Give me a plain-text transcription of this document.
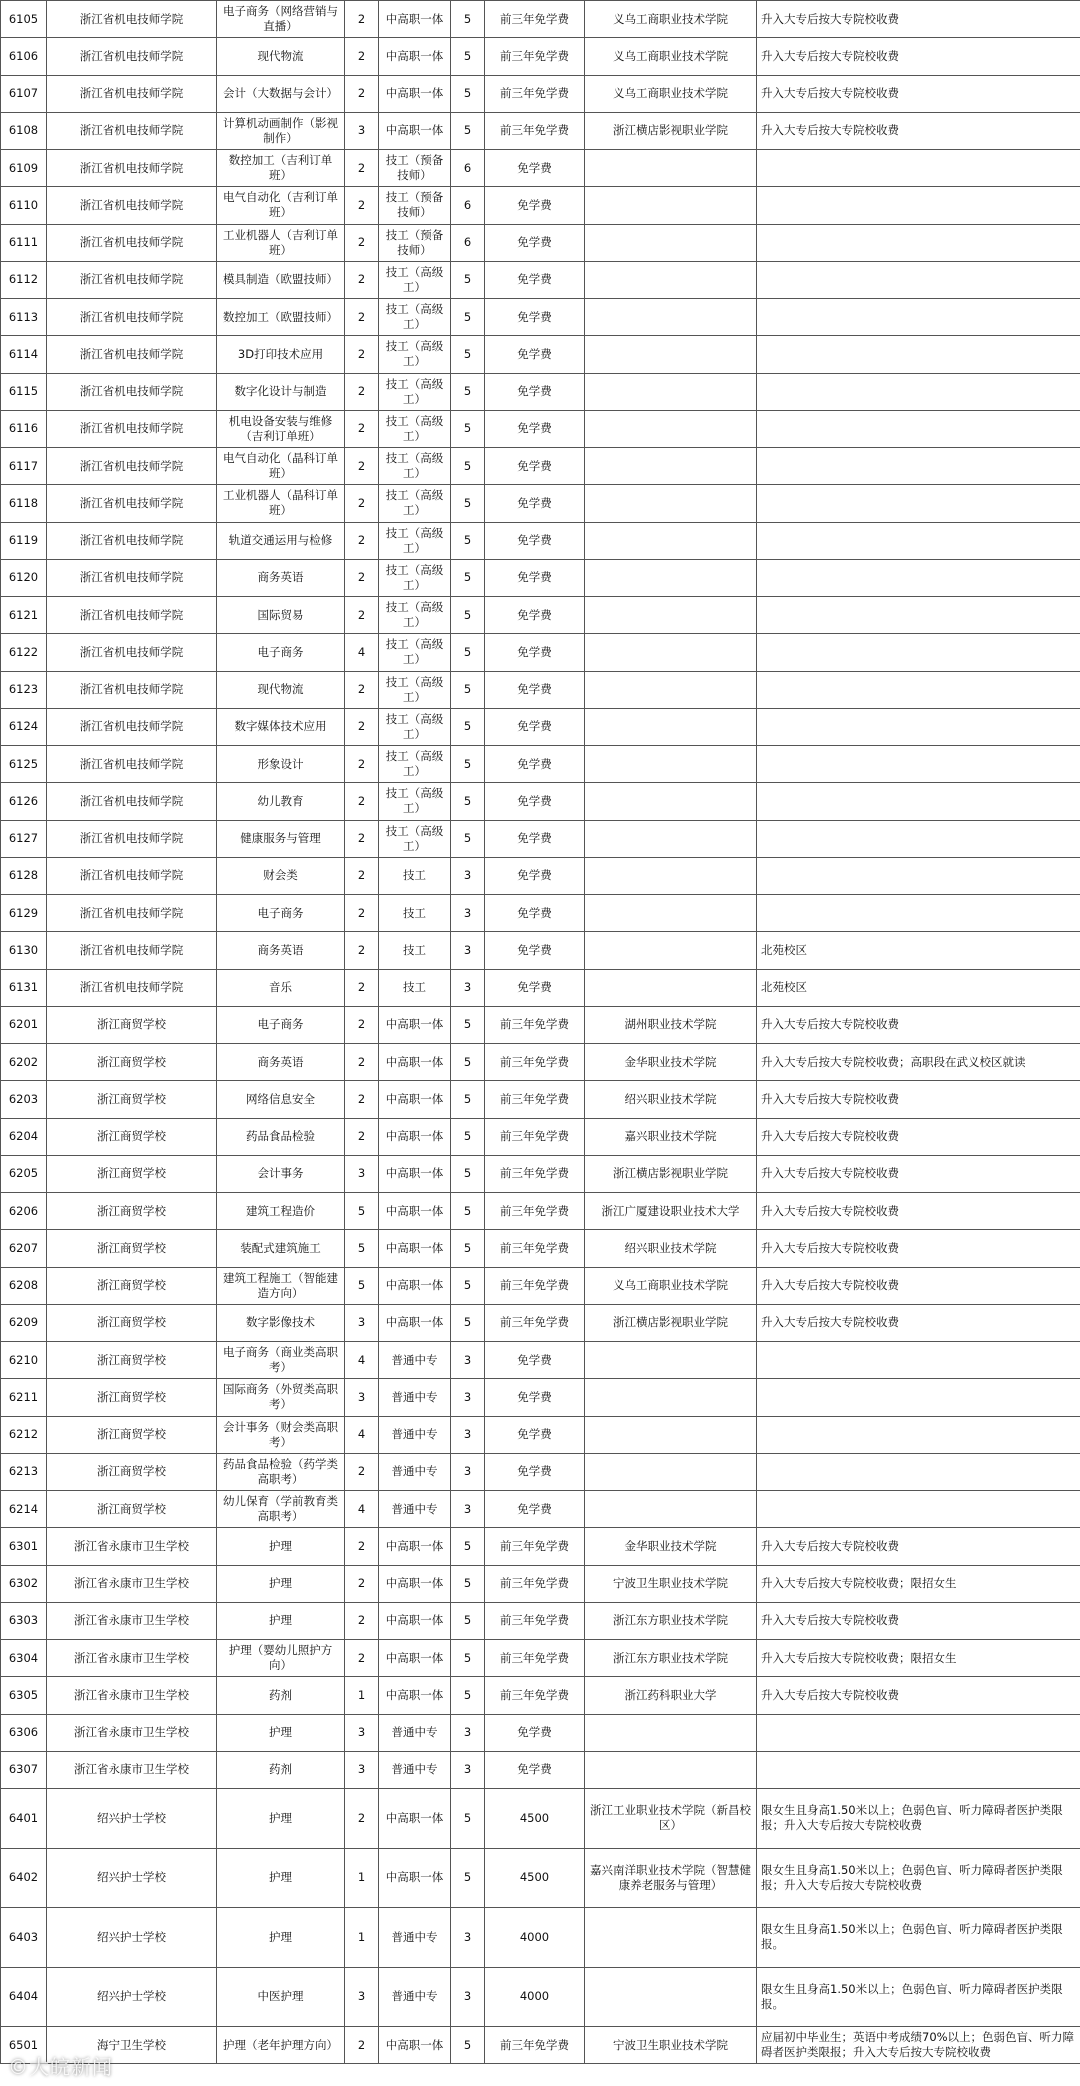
6105	浙江省机电技师学院	电子商务（网络营销与直播）	2	中高职一体	5	前三年免学费	义乌工商职业技术学院	升入大专后按大专院校收费
6106	浙江省机电技师学院	现代物流	2	中高职一体	5	前三年免学费	义乌工商职业技术学院	升入大专后按大专院校收费
6107	浙江省机电技师学院	会计（大数据与会计）	2	中高职一体	5	前三年免学费	义乌工商职业技术学院	升入大专后按大专院校收费
6108	浙江省机电技师学院	计算机动画制作（影视制作）	3	中高职一体	5	前三年免学费	浙江横店影视职业学院	升入大专后按大专院校收费
6109	浙江省机电技师学院	数控加工（吉利订单班）	2	技工（预备技师）	6	免学费		
6110	浙江省机电技师学院	电气自动化（吉利订单班）	2	技工（预备技师）	6	免学费		
6111	浙江省机电技师学院	工业机器人（吉利订单班）	2	技工（预备技师）	6	免学费		
6112	浙江省机电技师学院	模具制造（欧盟技师）	2	技工（高级工）	5	免学费		
6113	浙江省机电技师学院	数控加工（欧盟技师）	2	技工（高级工）	5	免学费		
6114	浙江省机电技师学院	3D打印技术应用	2	技工（高级工）	5	免学费		
6115	浙江省机电技师学院	数字化设计与制造	2	技工（高级工）	5	免学费		
6116	浙江省机电技师学院	机电设备安装与维修（吉利订单班）	2	技工（高级工）	5	免学费		
6117	浙江省机电技师学院	电气自动化（晶科订单班）	2	技工（高级工）	5	免学费		
6118	浙江省机电技师学院	工业机器人（晶科订单班）	2	技工（高级工）	5	免学费		
6119	浙江省机电技师学院	轨道交通运用与检修	2	技工（高级工）	5	免学费		
6120	浙江省机电技师学院	商务英语	2	技工（高级工）	5	免学费		
6121	浙江省机电技师学院	国际贸易	2	技工（高级工）	5	免学费		
6122	浙江省机电技师学院	电子商务	4	技工（高级工）	5	免学费		
6123	浙江省机电技师学院	现代物流	2	技工（高级工）	5	免学费		
6124	浙江省机电技师学院	数字媒体技术应用	2	技工（高级工）	5	免学费		
6125	浙江省机电技师学院	形象设计	2	技工（高级工）	5	免学费		
6126	浙江省机电技师学院	幼儿教育	2	技工（高级工）	5	免学费		
6127	浙江省机电技师学院	健康服务与管理	2	技工（高级工）	5	免学费		
6128	浙江省机电技师学院	财会类	2	技工	3	免学费		
6129	浙江省机电技师学院	电子商务	2	技工	3	免学费		
6130	浙江省机电技师学院	商务英语	2	技工	3	免学费		北苑校区
6131	浙江省机电技师学院	音乐	2	技工	3	免学费		北苑校区
6201	浙江商贸学校	电子商务	2	中高职一体	5	前三年免学费	湖州职业技术学院	升入大专后按大专院校收费
6202	浙江商贸学校	商务英语	2	中高职一体	5	前三年免学费	金华职业技术学院	升入大专后按大专院校收费；高职段在武义校区就读
6203	浙江商贸学校	网络信息安全	2	中高职一体	5	前三年免学费	绍兴职业技术学院	升入大专后按大专院校收费
6204	浙江商贸学校	药品食品检验	2	中高职一体	5	前三年免学费	嘉兴职业技术学院	升入大专后按大专院校收费
6205	浙江商贸学校	会计事务	3	中高职一体	5	前三年免学费	浙江横店影视职业学院	升入大专后按大专院校收费
6206	浙江商贸学校	建筑工程造价	5	中高职一体	5	前三年免学费	浙江广厦建设职业技术大学	升入大专后按大专院校收费
6207	浙江商贸学校	装配式建筑施工	5	中高职一体	5	前三年免学费	绍兴职业技术学院	升入大专后按大专院校收费
6208	浙江商贸学校	建筑工程施工（智能建造方向）	5	中高职一体	5	前三年免学费	义乌工商职业技术学院	升入大专后按大专院校收费
6209	浙江商贸学校	数字影像技术	3	中高职一体	5	前三年免学费	浙江横店影视职业学院	升入大专后按大专院校收费
6210	浙江商贸学校	电子商务（商业类高职考）	4	普通中专	3	免学费		
6211	浙江商贸学校	国际商务（外贸类高职考）	3	普通中专	3	免学费		
6212	浙江商贸学校	会计事务（财会类高职考）	4	普通中专	3	免学费		
6213	浙江商贸学校	药品食品检验（药学类高职考）	2	普通中专	3	免学费		
6214	浙江商贸学校	幼儿保育（学前教育类高职考）	4	普通中专	3	免学费		
6301	浙江省永康市卫生学校	护理	2	中高职一体	5	前三年免学费	金华职业技术学院	升入大专后按大专院校收费
6302	浙江省永康市卫生学校	护理	2	中高职一体	5	前三年免学费	宁波卫生职业技术学院	升入大专后按大专院校收费；限招女生
6303	浙江省永康市卫生学校	护理	2	中高职一体	5	前三年免学费	浙江东方职业技术学院	升入大专后按大专院校收费
6304	浙江省永康市卫生学校	护理（婴幼儿照护方向）	2	中高职一体	5	前三年免学费	浙江东方职业技术学院	升入大专后按大专院校收费；限招女生
6305	浙江省永康市卫生学校	药剂	1	中高职一体	5	前三年免学费	浙江药科职业大学	升入大专后按大专院校收费
6306	浙江省永康市卫生学校	护理	3	普通中专	3	免学费		
6307	浙江省永康市卫生学校	药剂	3	普通中专	3	免学费		
6401	绍兴护士学校	护理	2	中高职一体	5	4500	浙江工业职业技术学院（新昌校区）	限女生且身高1.50米以上；色弱色盲、听力障碍者医护类限报；升入大专后按大专院校收费
6402	绍兴护士学校	护理	1	中高职一体	5	4500	嘉兴南洋职业技术学院（智慧健康养老服务与管理）	限女生且身高1.50米以上；色弱色盲、听力障碍者医护类限报；升入大专后按大专院校收费
6403	绍兴护士学校	护理	1	普通中专	3	4000		限女生且身高1.50米以上；色弱色盲、听力障碍者医护类限报。
6404	绍兴护士学校	中医护理	3	普通中专	3	4000		限女生且身高1.50米以上；色弱色盲、听力障碍者医护类限报。
6501	海宁卫生学校	护理（老年护理方向）	2	中高职一体	5	前三年免学费	宁波卫生职业技术学院	应届初中毕业生；英语中考成绩70%以上；色弱色盲、听力障碍者医护类限报；升入大专后按大专院校收费
©大皖新闻
